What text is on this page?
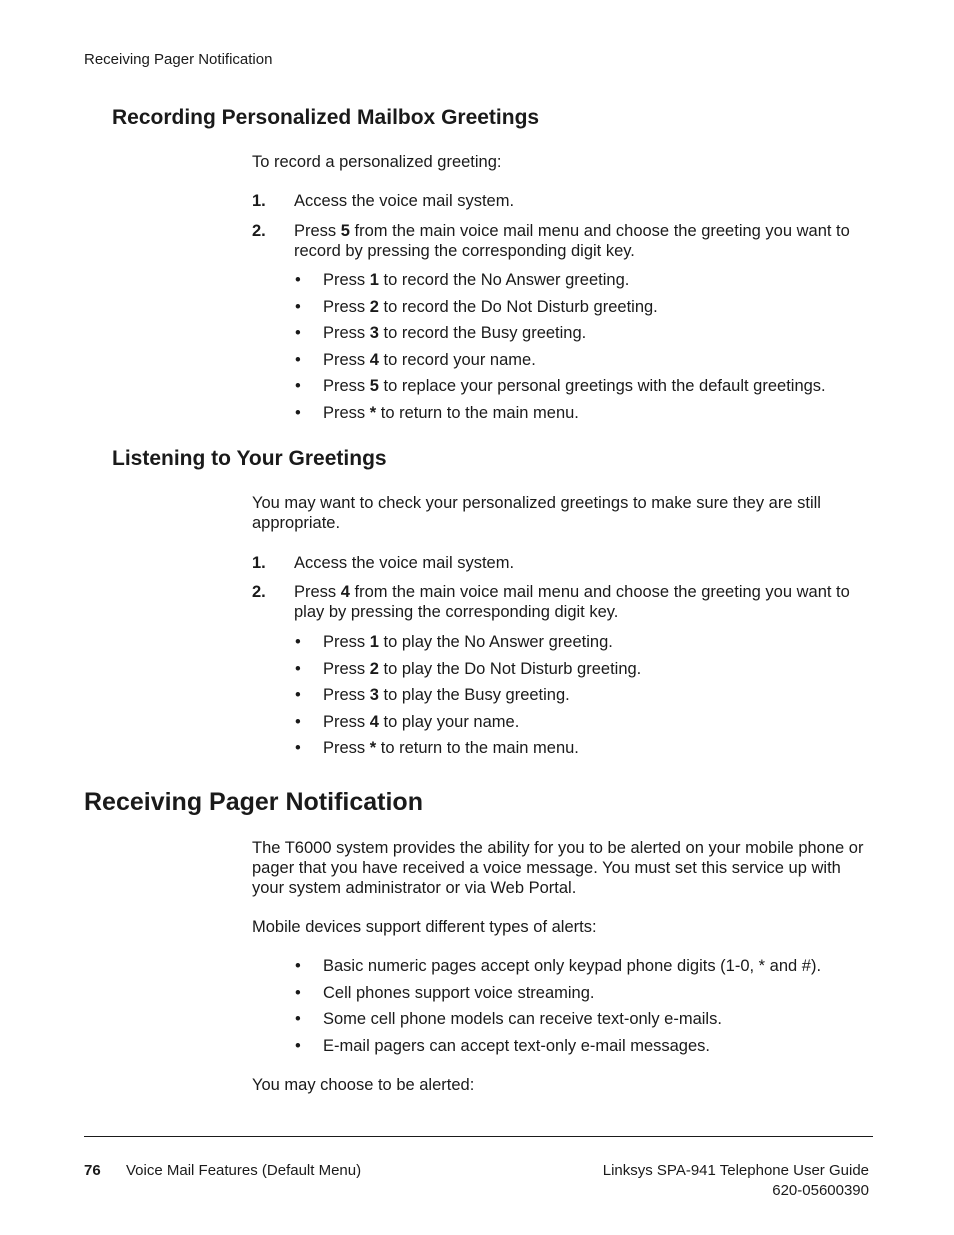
Receiving Pager Notification
Recording Personalized Mailbox Greetings
To record a personalized greeting:
1. Access the voice mail system.
2. Press 5 from the main voice mail menu and choose the greeting you want to record by pressing the corresponding digit key.
• Press 1 to record the No Answer greeting.
• Press 2 to record the Do Not Disturb greeting.
• Press 3 to record the Busy greeting.
• Press 4 to record your name.
• Press 5 to replace your personal greetings with the default greetings.
• Press * to return to the main menu.
Listening to Your Greetings
You may want to check your personalized greetings to make sure they are still appropriate.
1. Access the voice mail system.
2. Press 4 from the main voice mail menu and choose the greeting you want to play by pressing the corresponding digit key.
• Press 1 to play the No Answer greeting.
• Press 2 to play the Do Not Disturb greeting.
• Press 3 to play the Busy greeting.
• Press 4 to play your name.
• Press * to return to the main menu.
Receiving Pager Notification
The T6000 system provides the ability for you to be alerted on your mobile phone or pager that you have received a voice message. You must set this service up with your system administrator or via Web Portal.
Mobile devices support different types of alerts:
• Basic numeric pages accept only keypad phone digits (1-0, * and #).
• Cell phones support voice streaming.
• Some cell phone models can receive text-only e-mails.
• E-mail pagers can accept text-only e-mail messages.
You may choose to be alerted:
76 Voice Mail Features (Default Menu)	Linksys SPA-941 Telephone User Guide
620-05600390
